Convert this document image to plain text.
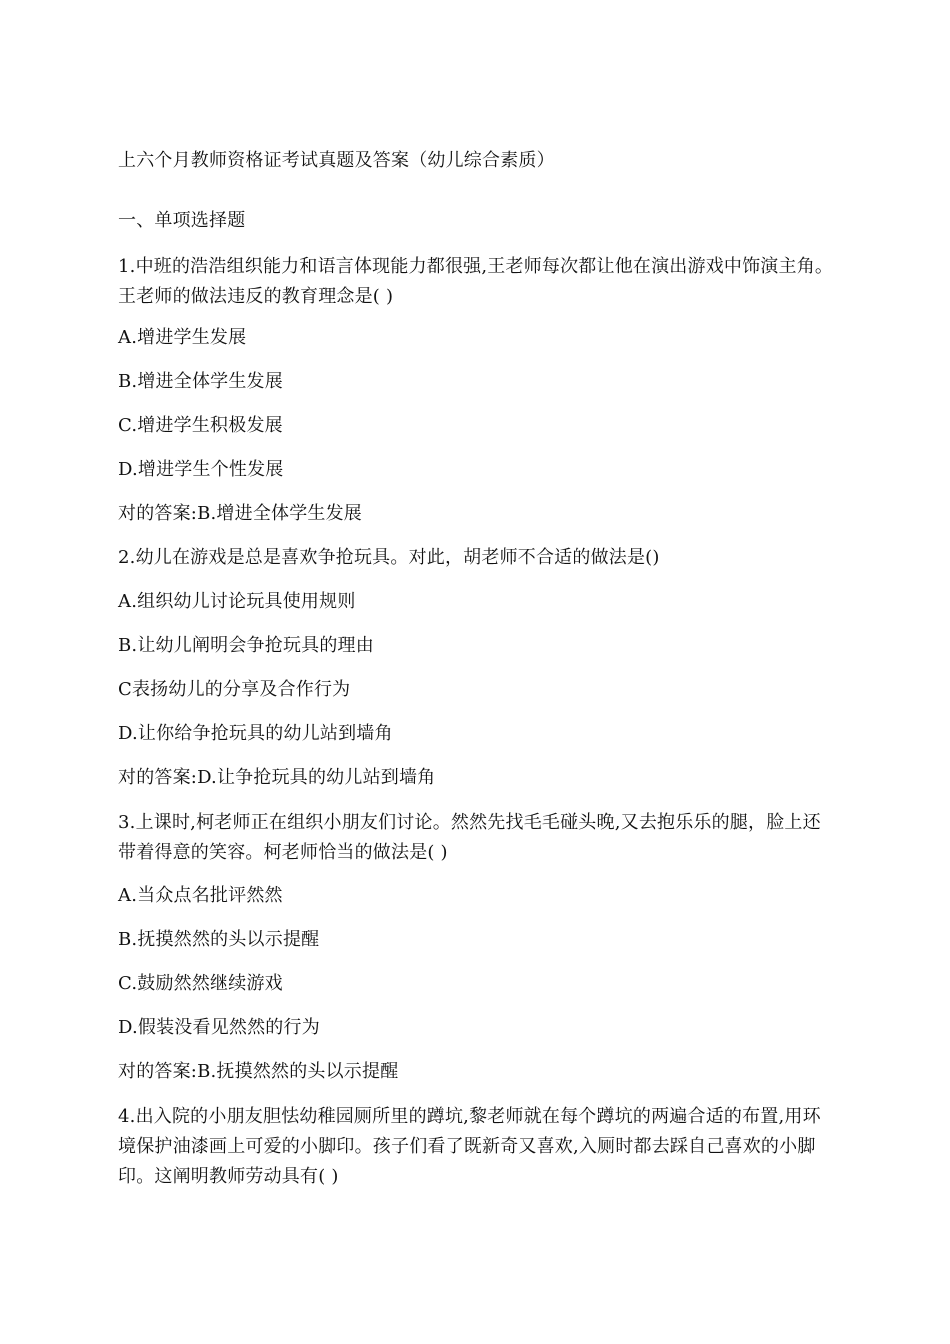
上六个月教师资格证考试真题及答案（幼儿综合素质）
一、单项选择题
1.中班的浩浩组织能力和语言体现能力都很强,王老师每次都让他在演出游戏中饰演主角。王老师的做法违反的教育理念是( )
A.增进学生发展
B.增进全体学生发展
C.增进学生积极发展
D.增进学生个性发展
对的答案:B.增进全体学生发展
2.幼儿在游戏是总是喜欢争抢玩具。对此，胡老师不合适的做法是()
A.组织幼儿讨论玩具使用规则
B.让幼儿阐明会争抢玩具的理由
C表扬幼儿的分享及合作行为
D.让你给争抢玩具的幼儿站到墙角
对的答案:D.让争抢玩具的幼儿站到墙角
3.上课时,柯老师正在组织小朋友们讨论。然然先找毛毛碰头晚,又去抱乐乐的腿，脸上还带着得意的笑容。柯老师恰当的做法是( )
A.当众点名批评然然
B.抚摸然然的头以示提醒
C.鼓励然然继续游戏
D.假装没看见然然的行为
对的答案:B.抚摸然然的头以示提醒
4.出入院的小朋友胆怯幼稚园厕所里的蹲坑,黎老师就在每个蹲坑的两遍合适的布置,用环境保护油漆画上可爱的小脚印。孩子们看了既新奇又喜欢,入厕时都去踩自己喜欢的小脚印。这阐明教师劳动具有( )
